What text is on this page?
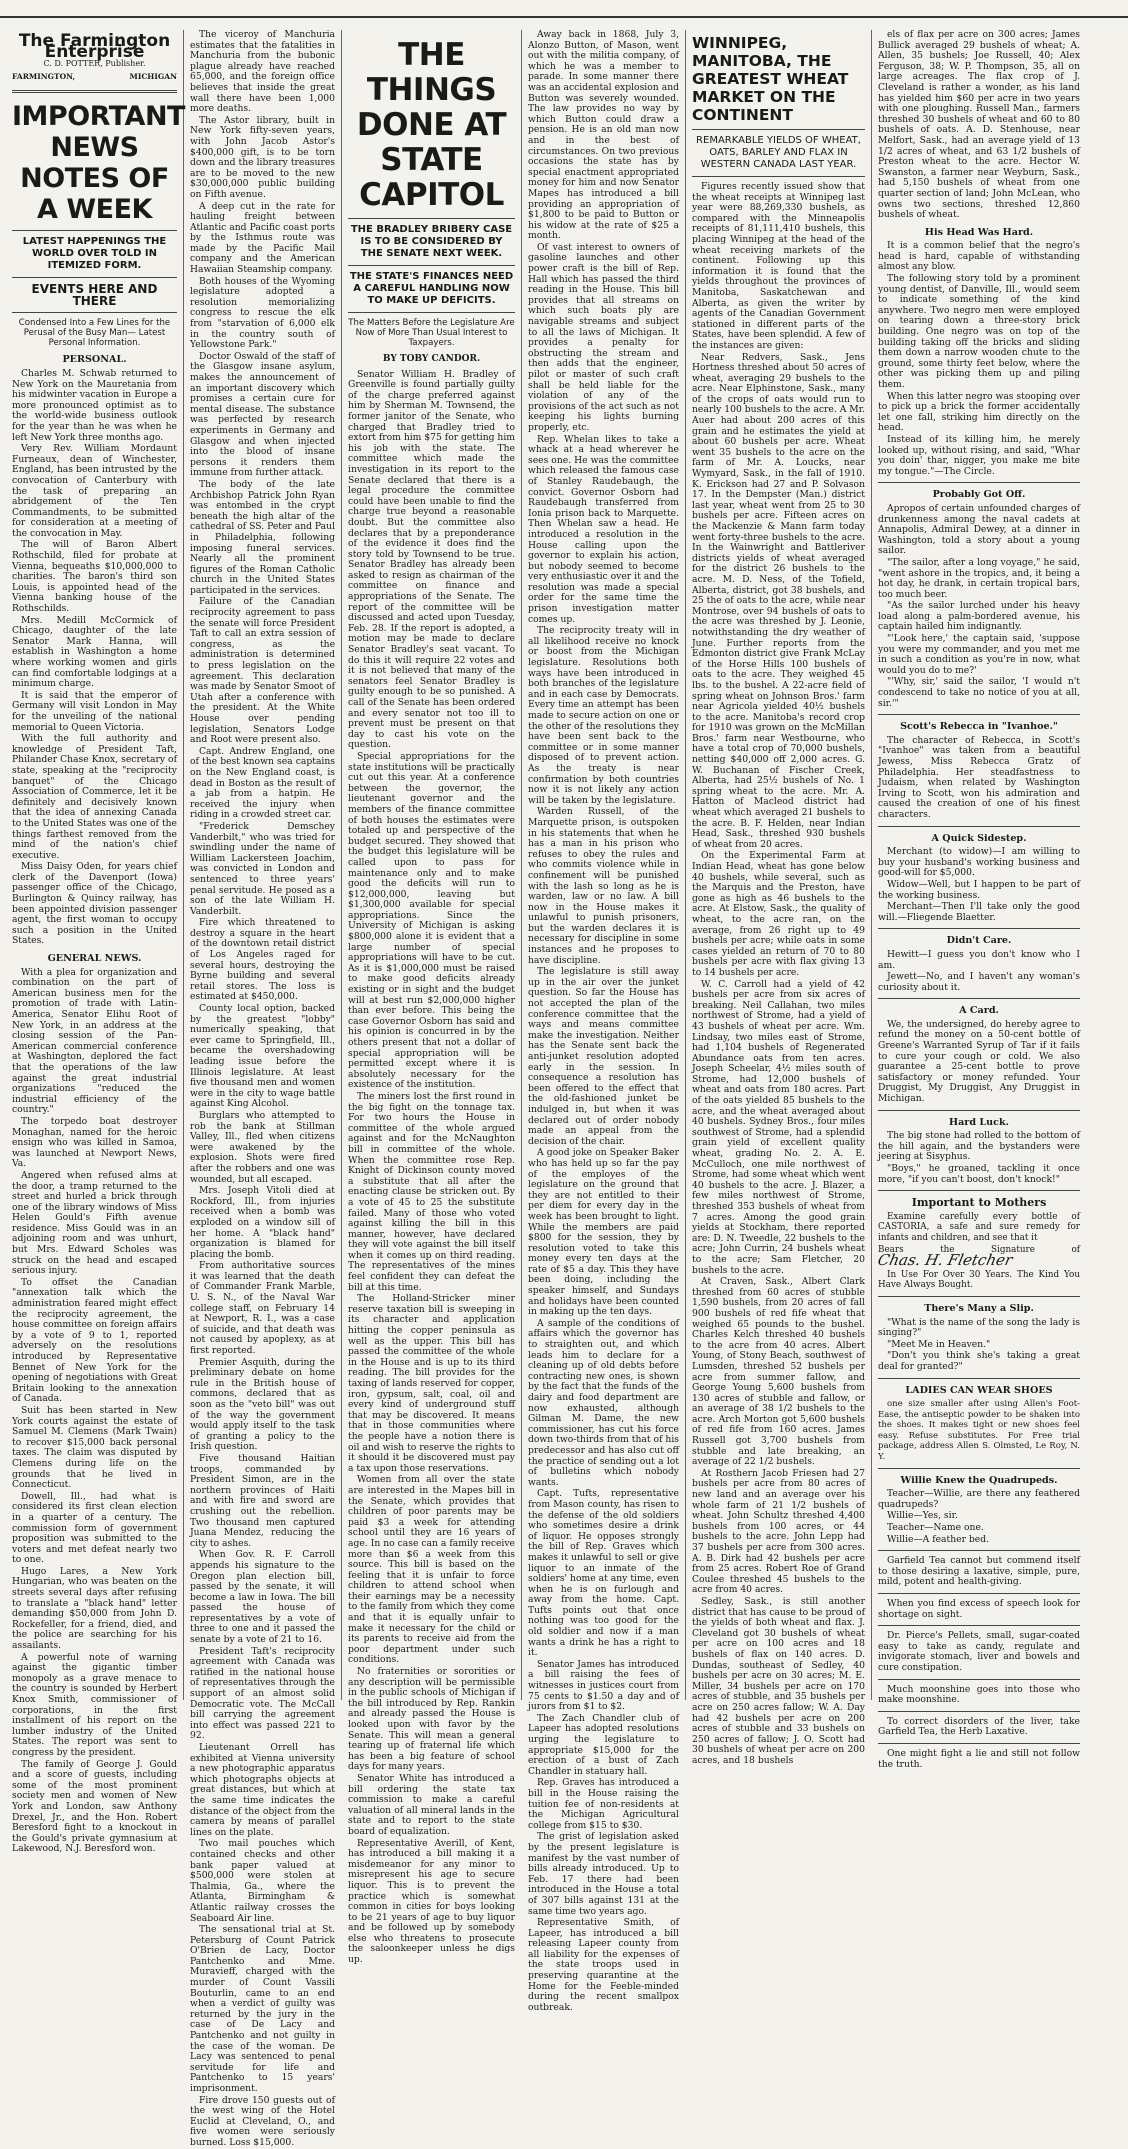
The Farmington Enterprise
C. D. POTTER, Publisher.
FARMINGTON,	MICHIGAN
IMPORTANT NEWS NOTES OF A WEEK
LATEST HAPPENINGS THE WORLD OVER TOLD IN ITEMIZED FORM.
EVENTS HERE AND THERE
Condensed Into a Few Lines for the Perusal of the Busy Man— Latest Personal Information.
PERSONAL.

Charles M. Schwab returned to New York on the Mauretania from his midwinter vacation in Europe a more pronounced optimist as to the world-wide business outlook for the year than he was when he left New York three months ago.

Very Rev. William Mordaunt Furneaux, dean of Winchester, England, has been intrusted by the convocation of Canterbury with the task of preparing an abridgement of the Ten Commandments, to be submitted for consideration at a meeting of the convocation in May.

The will of Baron Albert Rothschild, filed for probate at Vienna, bequeaths $10,000,000 to charities. The baron's third son Louis, is appointed head of the Vienna banking house of the Rothschilds.

Mrs. Medill McCormick of Chicago, daughter of the late Senator Mark Hanna, will establish in Washington a home where working women and girls can find comfortable lodgings at a minimum charge.

It is said that the emperor of Germany will visit London in May for the unveiling of the national memorial to Queen Victoria.

With the full authority and knowledge of President Taft, Philander Chase Knox, secretary of state, speaking at the "reciprocity banquet" of the Chicago Association of Commerce, let it be definitely and decisively known that the idea of annexing Canada to the United States was one of the things farthest removed from the mind of the nation's chief executive.

Miss Daisy Oden, for years chief clerk of the Davenport (Iowa) passenger office of the Chicago, Burlington & Quincy railway, has been appointed division passenger agent, the first woman to occupy such a position in the United States.

GENERAL NEWS.

With a plea for organization and combination on the part of American business men for the promotion of trade with Latin-America, Senator Elihu Root of New York, in an address at the closing session of the Pan-American commercial conference at Washington, deplored the fact that the operations of the law against the great industrial organizations "reduced the industrial efficiency of the country."

The torpedo boat destroyer Monaghan, named for the heroic ensign who was killed in Samoa, was launched at Newport News, Va.

Angered when refused alms at the door, a tramp returned to the street and hurled a brick through one of the library windows of Miss Helen Gould's Fifth avenue residence. Miss Gould was in an adjoining room and was unhurt, but Mrs. Edward Scholes was struck on the head and escaped serious injury.

To offset the Canadian "annexation talk which the administration feared might effect the reciprocity agreement, the house committee on foreign affairs by a vote of 9 to 1, reported adversely on the resolutions introduced by Representative Bennet of New York for the opening of negotiations with Great Britain looking to the annexation of Canada.

Suit has been started in New York courts against the estate of Samuel M. Clemens (Mark Twain) to recover $15,000 back personal taxes. The claim was disputed by Clemens during life on the grounds that he lived in Connecticut.

Dowell, Ill., had what is considered its first clean election in a quarter of a century. The commission form of government proposition was submitted to the voters and met defeat nearly two to one.

Hugo Lares, a New York Hungarian, who was beaten on the streets several days after refusing to translate a "black hand" letter demanding $50,000 from John D. Rockefeller, for a friend, died, and the police are searching for his assailants.

A powerful note of warning against the gigantic timber monopoly as a grave menace to the country is sounded by Herbert Knox Smith, commissioner of corporations, in the first installment of his report on the lumber industry of the United States. The report was sent to congress by the president.

The family of George J. Gould and a score of guests, including some of the most prominent society men and women of New York and London, saw Anthony Drexel, Jr., and the Hon. Robert Beresford fight to a knockout in the Gould's private gymnasium at Lakewood, N.J. Beresford won.

The viceroy of Manchuria estimates that the fatalities in Manchuria from the bubonic plague already have reached 65,000, and the foreign office believes that inside the great wall there have been 1,000 more deaths.

The Astor library, built in New York fifty-seven years, with John Jacob Astor's $400,000 gift, is to be torn down and the library treasures are to be moved to the new $30,000,000 public building on Fifth avenue.

A deep cut in the rate for hauling freight between Atlantic and Pacific coast ports by the Isthmus route was made by the Pacific Mail company and the American Hawaiian Steamship company.

Both houses of the Wyoming legislature adopted a resolution memorializing congress to rescue the elk from "starvation of 6,000 elk in the country south of Yellowstone Park."

Doctor Oswald of the staff of the Glasgow insane asylum, makes the announcement of an important discovery which promises a certain cure for mental disease. The substance was perfected by research experiments in Germany and Glasgow and when injected into the blood of insane persons it renders them immune from further attack.

The body of the late Archbishop Patrick John Ryan was entombed in the crypt beneath the high altar of the cathedral of SS. Peter and Paul in Philadelphia, following imposing funeral services. Nearly all the prominent figures of the Roman Catholic church in the United States participated in the services.

Failure of the Canadian reciprocity agreement to pass the senate will force President Taft to call an extra session of congress, as the administration is determined to press legislation on the agreement. This declaration was made by Senator Smoot of Utah after a conference with the president. At the White House over pending legislation, Senators Lodge and Root were present also.

Capt. Andrew England, one of the best known sea captains on the New England coast, is dead in Boston as the result of a jab from a hatpin. He received the injury when riding in a crowded street car.

"Frederick Demschey Vanderbilt," who was tried for swindling under the name of William Lackersteen Joachim, was convicted in London and sentenced to three years' penal servitude. He posed as a son of the late William H. Vanderbilt.

Fire which threatened to destroy a square in the heart of the downtown retail district of Los Angeles raged for several hours, destroying the Byrne building and several retail stores. The loss is estimated at $450,000.

County local option, backed by the greatest "lobby" numerically speaking, that ever came to Springfield, Ill., became the overshadowing leading issue before the Illinois legislature. At least five thousand men and women were in the city to wage battle against King Alcohol.

Burglars who attempted to rob the bank at Stillman Valley, Ill., fled when citizens were awakened by the explosion. Shots were fired after the robbers and one was wounded, but all escaped.

Mrs. Joseph Vitoli died at Rockford, Ill., from injuries received when a bomb was exploded on a window sill of her home. A "black hand" organization is blamed for placing the bomb.

From authoritative sources it was learned that the death of Commander Frank Marble, U. S. N., of the Naval War college staff, on February 14 at Newport, R. I., was a case of suicide, and that death was not caused by apoplexy, as at first reported.

Premier Asquith, during the preliminary debate on home rule in the British house of commons, declared that as soon as the "veto bill" was out of the way the government would apply itself to the task of granting a policy to the Irish question.

Five thousand Haitian troops, commanded by President Simon, are in the northern provinces of Haiti and with fire and sword are crushing out the rebellion. Two thousand men captured Juana Mendez, reducing the city to ashes.

When Gov. R. F. Carroll appends his signature to the Oregon plan election bill, passed by the senate, it will become a law in Iowa. The bill passed the house of representatives by a vote of three to one and it passed the senate by a vote of 21 to 16.

President Taft's reciprocity agreement with Canada was ratified in the national house of representatives through the support of an almost solid Democratic vote. The McCall bill carrying the agreement into effect was passed 221 to 92.

Lieutenant Orrell has exhibited at Vienna university a new photographic apparatus which photographs objects at great distances, but which at the same time indicates the distance of the object from the camera by means of parallel lines on the plate.

Two mail pouches which contained checks and other bank paper valued at $500,000 were stolen at Thalmia, Ga., where the Atlanta, Birmingham & Atlantic railway crosses the Seaboard Air line.

The sensational trial at St. Petersburg of Count Patrick O'Brien de Lacy, Doctor Pantchenko and Mme. Muravieff, charged with the murder of Count Vassili Bouturlin, came to an end when a verdict of guilty was returned by the jury in the case of De Lacy and Pantchenko and not guilty in the case of the woman. De Lacy was sentenced to penal servitude for life and Pantchenko to 15 years' imprisonment.

Fire drove 150 guests out of the west wing of the Hotel Euclid at Cleveland, O., and five women were seriously burned. Loss $15,000.

THE THINGS DONE AT STATE CAPITOL
THE BRADLEY BRIBERY CASE IS TO BE CONSIDERED BY THE SENATE NEXT WEEK.
THE STATE'S FINANCES NEED A CAREFUL HANDLING NOW TO MAKE UP DEFICITS.
The Matters Before the Legislature Are Now of More Than Usual Interest to Taxpayers.
BY TOBY CANDOR.

Senator William H. Bradley of Greenville is found partially guilty of the charge preferred against him by Sherman M. Townsend, the former janitor of the Senate, who charged that Bradley tried to extort from him $75 for getting him his job with the state. The committee which made the investigation in its report to the Senate declared that there is a legal procedure the committee could have been unable to find the charge true beyond a reasonable doubt. But the committee also declares that by a preponderance of the evidence it does find the story told by Townsend to be true. Senator Bradley has already been asked to resign as chairman of the committee on finance and appropriations of the Senate. The report of the committee will be discussed and acted upon Tuesday, Feb. 28. If the report is adopted, a motion may be made to declare Senator Bradley's seat vacant. To do this it will require 22 votes and it is not believed that many of the senators feel Senator Bradley is guilty enough to be so punished. A call of the Senate has been ordered and every senator not too ill to prevent must be present on that day to cast his vote on the question.

Special appropriations for the state institutions will be practically cut out this year. At a conference between the governor, the lieutenant governor and the members of the finance committee of both houses the estimates were totaled up and perspective of the budget secured. They showed that the budget this legislature will be called upon to pass for maintenance only and to make good the deficits will run to $12,000,000, leaving but $1,300,000 available for special appropriations. Since the University of Michigan is asking $800,000 alone it is evident that a large number of special appropriations will have to be cut. As it is $1,000,000 must be raised to make good deficits already existing or in sight and the budget will at best run $2,000,000 higher than ever before. This being the case Governor Osborn has said and his opinion is concurred in by the others present that not a dollar of special appropriation will be permitted except where it is absolutely necessary for the existence of the institution.

The miners lost the first round in the big fight on the tonnage tax. For two hours the House in committee of the whole argued against and for the McNaughton bill in committee of the whole. When the committee rose Rep. Knight of Dickinson county moved a substitute that all after the enacting clause be stricken out. By a vote of 45 to 25 the substitute failed. Many of those who voted against killing the bill in this manner, however, have declared they will vote against the bill itself when it comes up on third reading. The representatives of the mines feel confident they can defeat the bill at this time.

The Holland-Stricker miner reserve taxation bill is sweeping in its character and application hitting the copper peninsula as well as the upper. This bill has passed the committee of the whole in the House and is up to its third reading. The bill provides for the taxing of lands reserved for copper, iron, gypsum, salt, coal, oil and every kind of underground stuff that may be discovered. It means that in those communities where the people have a notion there is oil and wish to reserve the rights to it should it be discovered must pay a tax upon those reservations.

Women from all over the state are interested in the Mapes bill in the Senate, which provides that children of poor parents may be paid $3 a week for attending school until they are 16 years of age. In no case can a family receive more than $6 a week from this source. This bill is based on the feeling that it is unfair to force children to attend school when their earnings may be a necessity to the family from which they come and that it is equally unfair to make it necessary for the child or its parents to receive aid from the poor department under such conditions.

No fraternities or sororities or any description will be permissible in the public schools of Michigan if the bill introduced by Rep. Rankin and already passed the House is looked upon with favor by the Senate. This will mean a general tearing up of fraternal life which has been a big feature of school days for many years.

Senator White has introduced a bill ordering the state tax commission to make a careful valuation of all mineral lands in the state and to report to the state board of equalization.

Representative Averill, of Kent, has introduced a bill making it a misdemeanor for any minor to misrepresent his age to secure liquor. This is to prevent the practice which is somewhat common in cities for boys looking to be 21 years of age to buy liquor and be followed up by somebody else who threatens to prosecute the saloonkeeper unless he digs up.

Away back in 1868, July 3, Alonzo Button, of Mason, went out with the militia company, of which he was a member to parade. In some manner there was an accidental explosion and Button was severely wounded. The law provides no way by which Button could draw a pension. He is an old man now and in the best of circumstances. On two previous occasions the state has by special enactment appropriated money for him and now Senator Mapes has introduced a bill providing an appropriation of $1,800 to be paid to Button or his widow at the rate of $25 a month.

Of vast interest to owners of gasoline launches and other power craft is the bill of Rep. Hall which has passed the third reading in the House. This bill provides that all streams on which such boats ply are navigable streams and subject to all the laws of Michigan. It provides a penalty for obstructing the stream and then adds that the engineer, pilot or master of such craft shall be held liable for the violation of any of the provisions of the act such as not keeping his lights burning properly, etc.

Rep. Whelan likes to take a whack at a head wherever he sees one. He was the committee which released the famous case of Stanley Raudebaugh, the convict. Governor Osborn had Raudebaugh transferred from Ionia prison back to Marquette. Then Whelan saw a head. He introduced a resolution in the House calling upon the governor to explain his action, but nobody seemed to become very enthusiastic over it and the resolution was made a special order for the same time the prison investigation matter comes up.

The reciprocity treaty will in all likelihood receive no knock or boost from the Michigan legislature. Resolutions both ways have been introduced in both branches of the legislature and in each case by Democrats. Every time an attempt has been made to secure action on one or the other of the resolutions they have been sent back to the committee or in some manner disposed of to prevent action. As the treaty is near confirmation by both countries now it is not likely any action will be taken by the legislature.

Warden Russell, of the Marquette prison, is outspoken in his statements that when he has a man in his prison who refuses to obey the rules and who commits violence while in confinement will be punished with the lash so long as he is warden, law or no law. A bill now in the House makes it unlawful to punish prisoners, but the warden declares it is necessary for discipline in some instances and he proposes to have discipline.

The legislature is still away up in the air over the junket question. So far the House has not accepted the plan of the conference committee that the ways and means committee make the investigation. Neither has the Senate sent back the anti-junket resolution adopted early in the session. In consequence a resolution has been offered to the effect that the old-fashioned junket be indulged in, but when it was declared out of order nobody made an appeal from the decision of the chair.

A good joke on Speaker Baker who has held up so far the pay of the employes of the legislature on the ground that they are not entitled to their per diem for every day in the week has been brought to light. While the members are paid $800 for the session, they by resolution voted to take this money every ten days at the rate of $5 a day. This they have been doing, including the speaker himself, and Sundays and holidays have been counted in making up the ten days.

A sample of the conditions of affairs which the governor has to straighten out, and which leads him to declare for a cleaning up of old debts before contracting new ones, is shown by the fact that the funds of the dairy and food department are now exhausted, although Gilman M. Dame, the new commissioner, has cut his force down two-thirds from that of his predecessor and has also cut off the practice of sending out a lot of bulletins which nobody wants.

Capt. Tufts, representative from Mason county, has risen to the defense of the old soldiers who sometimes desire a drink of liquor. He opposes strongly the bill of Rep. Graves which makes it unlawful to sell or give liquor to an inmate of the soldiers' home at any time, even when he is on furlough and away from the home. Capt. Tufts points out that once nothing was too good for the old soldier and now if a man wants a drink he has a right to it.

Senator James has introduced a bill raising the fees of witnesses in justices court from 75 cents to $1.50 a day and of jurors from $1 to $2.

The Zach Chandler club of Lapeer has adopted resolutions urging the legislature to appropriate $15,000 for the erection of a bust of Zach Chandler in statuary hall.

Rep. Graves has introduced a bill in the House raising the tuition fee of non-residents at the Michigan Agricultural college from $15 to $30.

The grist of legislation asked by the present legislature is manifest by the vast number of bills already introduced. Up to Feb. 17 there had been introduced in the House a total of 307 bills against 131 at the same time two years ago.

Representative Smith, of Lapeer, has introduced a bill releasing Lapeer county from all liability for the expenses of the state troops used in preserving quarantine at the Home for the Feeble-minded during the recent smallpox outbreak.

WINNIPEG, MANITOBA, THE GREATEST WHEAT MARKET ON THE CONTINENT
REMARKABLE YIELDS OF WHEAT, OATS, BARLEY AND FLAX IN WESTERN CANADA LAST YEAR.

Figures recently issued show that the wheat receipts at Winnipeg last year were 88,269,330 bushels, as compared with the Minneapolis receipts of 81,111,410 bushels, this placing Winnipeg at the head of the wheat receiving markets of the continent. Following up this information it is found that the yields throughout the provinces of Manitoba, Saskatchewan and Alberta, as given the writer by agents of the Canadian Government stationed in different parts of the States, have been splendid. A few of the instances are given:

Near Redvers, Sask., Jens Hortness threshed about 50 acres of wheat, averaging 29 bushels to the acre. Near Elphinstone, Sask., many of the crops of oats would run to nearly 100 bushels to the acre. A Mr. Auer had about 200 acres of this grain and he estimates the yield at about 60 bushels per acre. Wheat went 35 bushels to the acre on the farm of Mr. A. Loucks, near Wymyard, Sask., in the fall of 1910. K. Erickson had 27 and P. Solvason 17. In the Dempster (Man.) district last year, wheat went from 25 to 30 bushels per acre. Fifteen acres on the Mackenzie & Mann farm today went forty-three bushels to the acre. In the Wainwright and Battleriver districts yields of wheat averaged for the district 26 bushels to the acre. M. D. Ness, of the Tofield, Alberta, district, got 38 bushels, and 25 the of oats to the acre, while near Montrose, over 94 bushels of oats to the acre was threshed by J. Leonie, notwithstanding the dry weather of June. Further reports from the Edmonton district give Frank McLay of the Horse Hills 100 bushels of oats to the acre. They weighed 45 lbs. to the bushel. A 22-acre field of spring wheat on Johnson Bros.' farm near Agricola yielded 40½ bushels to the acre. Manitoba's record crop for 1910 was grown on the McMillan Bros.' farm near Westbourne, who have a total crop of 70,000 bushels, netting $40,000 off 2,000 acres. G. W. Buchanan of Fischer Creek, Alberta, had 25½ bushels of No. 1 spring wheat to the acre. Mr. A. Hatton of Macleod district had wheat which averaged 21 bushels to the acre. B. F. Helden, near Indian Head, Sask., threshed 930 bushels of wheat from 20 acres.

On the Experimental Farm at Indian Head, wheat has gone below 40 bushels, while several, such as the Marquis and the Preston, have gone as high as 46 bushels to the acre. At Elstow, Sask., the quality of wheat, to the acre ran, on the average, from 26 right up to 49 bushels per acre; while oats in some cases yielded an return of 70 to 80 bushels per acre with flax giving 13 to 14 bushels per acre.

W. C. Carroll had a yield of 42 bushels per acre from six acres of breaking. Neil Callahan, two miles northwest of Strome, had a yield of 43 bushels of wheat per acre. Wm. Lindsay, two miles east of Strome, had 1,104 bushels of Regenerated Abundance oats from ten acres. Joseph Scheelar, 4½ miles south of Strome, had 12,000 bushels of wheat and oats from 180 acres. Part of the oats yielded 85 bushels to the acre, and the wheat averaged about 40 bushels. Sydney Bros., four miles southwest of Strome, had a splendid grain yield of excellent quality wheat, grading No. 2. A. E. McCulloch, one mile northwest of Strome, had some wheat which went 40 bushels to the acre. J. Blazer, a few miles northwest of Strome, threshed 353 bushels of wheat from 7 acres. Among the good grain yields at Stockham, there reported are: D. N. Tweedle, 22 bushels to the acre; John Currin, 24 bushels wheat to the acre; Sam Fletcher, 20 bushels to the acre.

At Craven, Sask., Albert Clark threshed from 60 acres of stubble 1,590 bushels, from 20 acres of fall 900 bushels of red fife wheat that weighed 65 pounds to the bushel. Charles Kelch threshed 40 bushels to the acre from 40 acres. Albert Young, of Stony Beach, southwest of Lumsden, threshed 52 bushels per acre from summer fallow, and George Young 5,600 bushels from 130 acres of stubble and fallow, or an average of 38 1/2 bushels to the acre. Arch Morton got 5,600 bushels of red fife from 160 acres. James Russell got 3,700 bushels from stubble and late breaking, an average of 22 1/2 bushels.

At Rosthern Jacob Friesen had 27 bushels per acre from 80 acres of new land and an average over his whole farm of 21 1/2 bushels of wheat. John Schultz threshed 4,400 bushels from 100 acres, or 44 bushels to the acre. John Lepp had 37 bushels per acre from 300 acres. A. B. Dirk had 42 bushels per acre from 25 acres. Robert Roe of Grand Coulee threshed 45 bushels to the acre from 40 acres.

Sedley, Sask., is still another district that has cause to be proud of the yields of both wheat and flax. J. Cleveland got 30 bushels of wheat per acre on 100 acres and 18 bushels of flax on 140 acres. D. Dundas, southeast of Sedley, 40 bushels per acre on 30 acres; M. E. Miller, 34 bushels per acre on 170 acres of stubble, and 35 bushels per acre on 250 acres fallow; W. A. Day had 42 bushels per acre on 200 acres of stubble and 33 bushels on 250 acres of fallow; J. O. Scott had 30 bushels of wheat per acre on 200 acres, and 18 bushels

els of flax per acre on 300 acres; James Bullick averaged 29 bushels of wheat; A. Allen, 35 bushels; Joe Russell, 40; Alex Ferguson, 38; W. P. Thompson, 35, all on large acreages. The flax crop of J. Cleveland is rather a wonder, as his land has yielded him $60 per acre in two years with one ploughing. Russell Man., farmers threshed 30 bushels of wheat and 60 to 80 bushels of oats. A. D. Stenhouse, near Melfort, Sask., had an average yield of 13 1/2 acres of wheat, and 63 1/2 bushels of Preston wheat to the acre. Hector W. Swanston, a farmer near Weyburn, Sask., had 5,150 bushels of wheat from one quarter section of land; John McLean, who owns two sections, threshed 12,860 bushels of wheat.

His Head Was Hard.

It is a common belief that the negro's head is hard, capable of withstanding almost any blow.

The following story told by a prominent young dentist, of Danville, Ill., would seem to indicate something of the kind anywhere. Two negro men were employed on tearing down a three-story brick building. One negro was on top of the building taking off the bricks and sliding them down a narrow wooden chute to the ground, some thirty feet below, where the other was picking them up and piling them.

When this latter negro was stooping over to pick up a brick the former accidentally let one fall, striking him directly on the head.

Instead of its killing him, he merely looked up, without rising, and said, "Whar you doin' thar, nigger, you make me bite my tongue."—The Circle.

Probably Got Off.

Apropos of certain unfounded charges of drunkenness among the naval cadets at Annapolis, Admiral Dewey, at a dinner in Washington, told a story about a young sailor.

"The sailor, after a long voyage," he said, "went ashore in the tropics, and, it being a hot day, he drank, in certain tropical bars, too much beer.

"As the sailor lurched under his heavy load along a palm-bordered avenue, his captain hailed him indignantly.

"'Look here,' the captain said, 'suppose you were my commander, and you met me in such a condition as you're in now, what would you do to me?'

"'Why, sir,' said the sailor, 'I would n't condescend to take no notice of you at all, sir.'"

Scott's Rebecca in "Ivanhoe."

The character of Rebecca, in Scott's "Ivanhoe" was taken from a beautiful Jewess, Miss Rebecca Gratz of Philadelphia. Her steadfastness to Judaism, when related by Washington Irving to Scott, won his admiration and caused the creation of one of his finest characters.

A Quick Sidestep.

Merchant (to widow)—I am willing to buy your husband's working business and good-will for $5,000.

Widow—Well, but I happen to be part of the working business.

Merchant—Then I'll take only the good will.—Fliegende Blaetter.

Didn't Care.

Hewitt—I guess you don't know who I am.

Jewett—No, and I haven't any woman's curiosity about it.

A Card.

We, the undersigned, do hereby agree to refund the money on a 50-cent bottle of Greene's Warranted Syrup of Tar if it fails to cure your cough or cold. We also guarantee a 25-cent bottle to prove satisfactory or money refunded. Your Druggist, My Druggist, Any Druggist in Michigan.

Hard Luck.

The big stone had rolled to the bottom of the hill again, and the bystanders were jeering at Sisyphus.

"Boys," he groaned, tackling it once more, "if you can't boost, don't knock!"

Important to Mothers

Examine carefully every bottle of CASTORIA, a safe and sure remedy for infants and children, and see that it

Bears the Signature of Chas. H. Fletcher

In Use For Over 30 Years. The Kind You Have Always Bought.

There's Many a Slip.

"What is the name of the song the lady is singing?"

"Meet Me in Heaven."

"Don't you think she's taking a great deal for granted?"

LADIES CAN WEAR SHOES

one size smaller after using Allen's Foot-Ease, the antiseptic powder to be shaken into the shoes. It makes tight or new shoes feel easy. Refuse substitutes. For Free trial package, address Allen S. Olmsted, Le Roy, N. Y.

Willie Knew the Quadrupeds.

Teacher—Willie, are there any feathered quadrupeds?

Willie—Yes, sir.

Teacher—Name one.

Willie—A feather bed.

Garfield Tea cannot but commend itself to those desiring a laxative, simple, pure, mild, potent and health-giving.

When you find excess of speech look for shortage on sight.

Dr. Pierce's Pellets, small, sugar-coated easy to take as candy, regulate and invigorate stomach, liver and bowels and cure constipation.

Much moonshine goes into those who make moonshine.

To correct disorders of the liver, take Garfield Tea, the Herb Laxative.

One might fight a lie and still not follow the truth.
